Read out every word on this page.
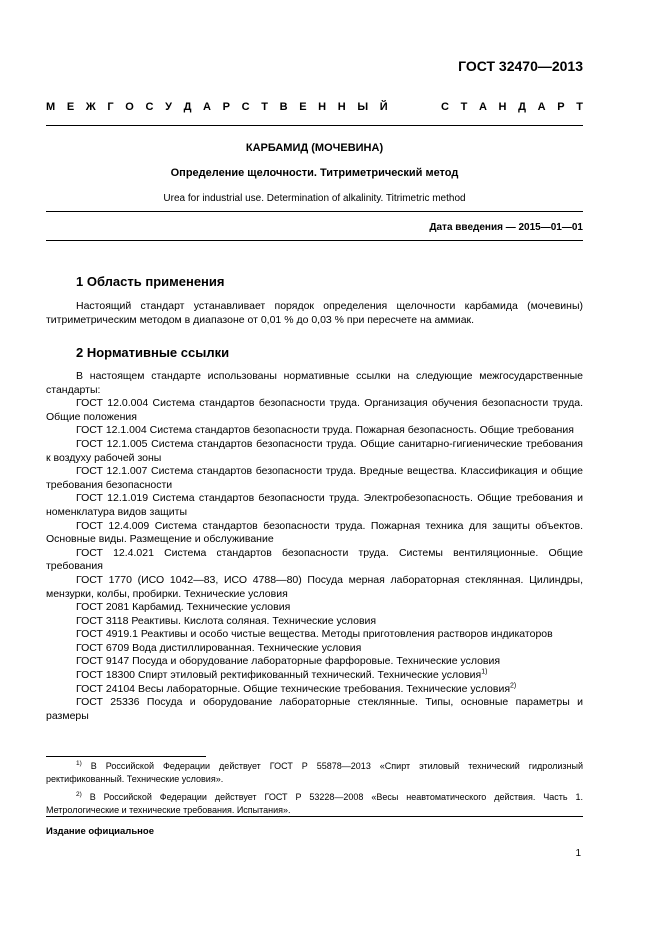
ГОСТ 32470—2013
М Е Ж Г О С У Д А Р С Т В Е Н Н Ы Й	С Т А Н Д А Р Т
КАРБАМИД (МОЧЕВИНА)
Определение щелочности. Титриметрический метод
Urea for industrial use. Determination of alkalinity. Titrimetric method
Дата введения — 2015—01—01
1 Область применения
Настоящий стандарт устанавливает порядок определения щелочности карбамида (мочевины) титриметрическим методом в диапазоне от 0,01 % до 0,03 % при пересчете на аммиак.
2 Нормативные ссылки

В настоящем стандарте использованы нормативные ссылки на следующие межгосударственные стандарты:

ГОСТ 12.0.004 Система стандартов безопасности труда. Организация обучения безопасности труда. Общие положения

ГОСТ 12.1.004 Система стандартов безопасности труда. Пожарная безопасность. Общие требования

ГОСТ 12.1.005 Система стандартов безопасности труда. Общие санитарно-гигиенические требования к воздуху рабочей зоны

ГОСТ 12.1.007 Система стандартов безопасности труда. Вредные вещества. Классификация и общие требования безопасности

ГОСТ 12.1.019 Система стандартов безопасности труда. Электробезопасность. Общие требования и номенклатура видов защиты

ГОСТ 12.4.009 Система стандартов безопасности труда. Пожарная техника для защиты объектов. Основные виды. Размещение и обслуживание

ГОСТ 12.4.021 Система стандартов безопасности труда. Системы вентиляционные. Общие требования

ГОСТ 1770 (ИСО 1042—83, ИСО 4788—80) Посуда мерная лабораторная стеклянная. Цилиндры, мензурки, колбы, пробирки. Технические условия

ГОСТ 2081 Карбамид. Технические условия

ГОСТ 3118 Реактивы. Кислота соляная. Технические условия

ГОСТ 4919.1 Реактивы и особо чистые вещества. Методы приготовления растворов индикаторов

ГОСТ 6709 Вода дистиллированная. Технические условия

ГОСТ 9147 Посуда и оборудование лабораторные фарфоровые. Технические условия

ГОСТ 18300 Спирт этиловый ректификованный технический. Технические условия$^{1)}$

ГОСТ 24104 Весы лабораторные. Общие технические требования. Технические условия$^{2)}$

ГОСТ 25336 Посуда и оборудование лабораторные стеклянные. Типы, основные параметры и размеры

$^{1)}$ В Российской Федерации действует ГОСТ Р 55878—2013 «Спирт этиловый технический гидролизный ректификованный. Технические условия».

$^{2)}$ В Российской Федерации действует ГОСТ Р 53228—2008 «Весы неавтоматического действия. Часть 1. Метрологические и технические требования. Испытания».

Издание официальное
1
